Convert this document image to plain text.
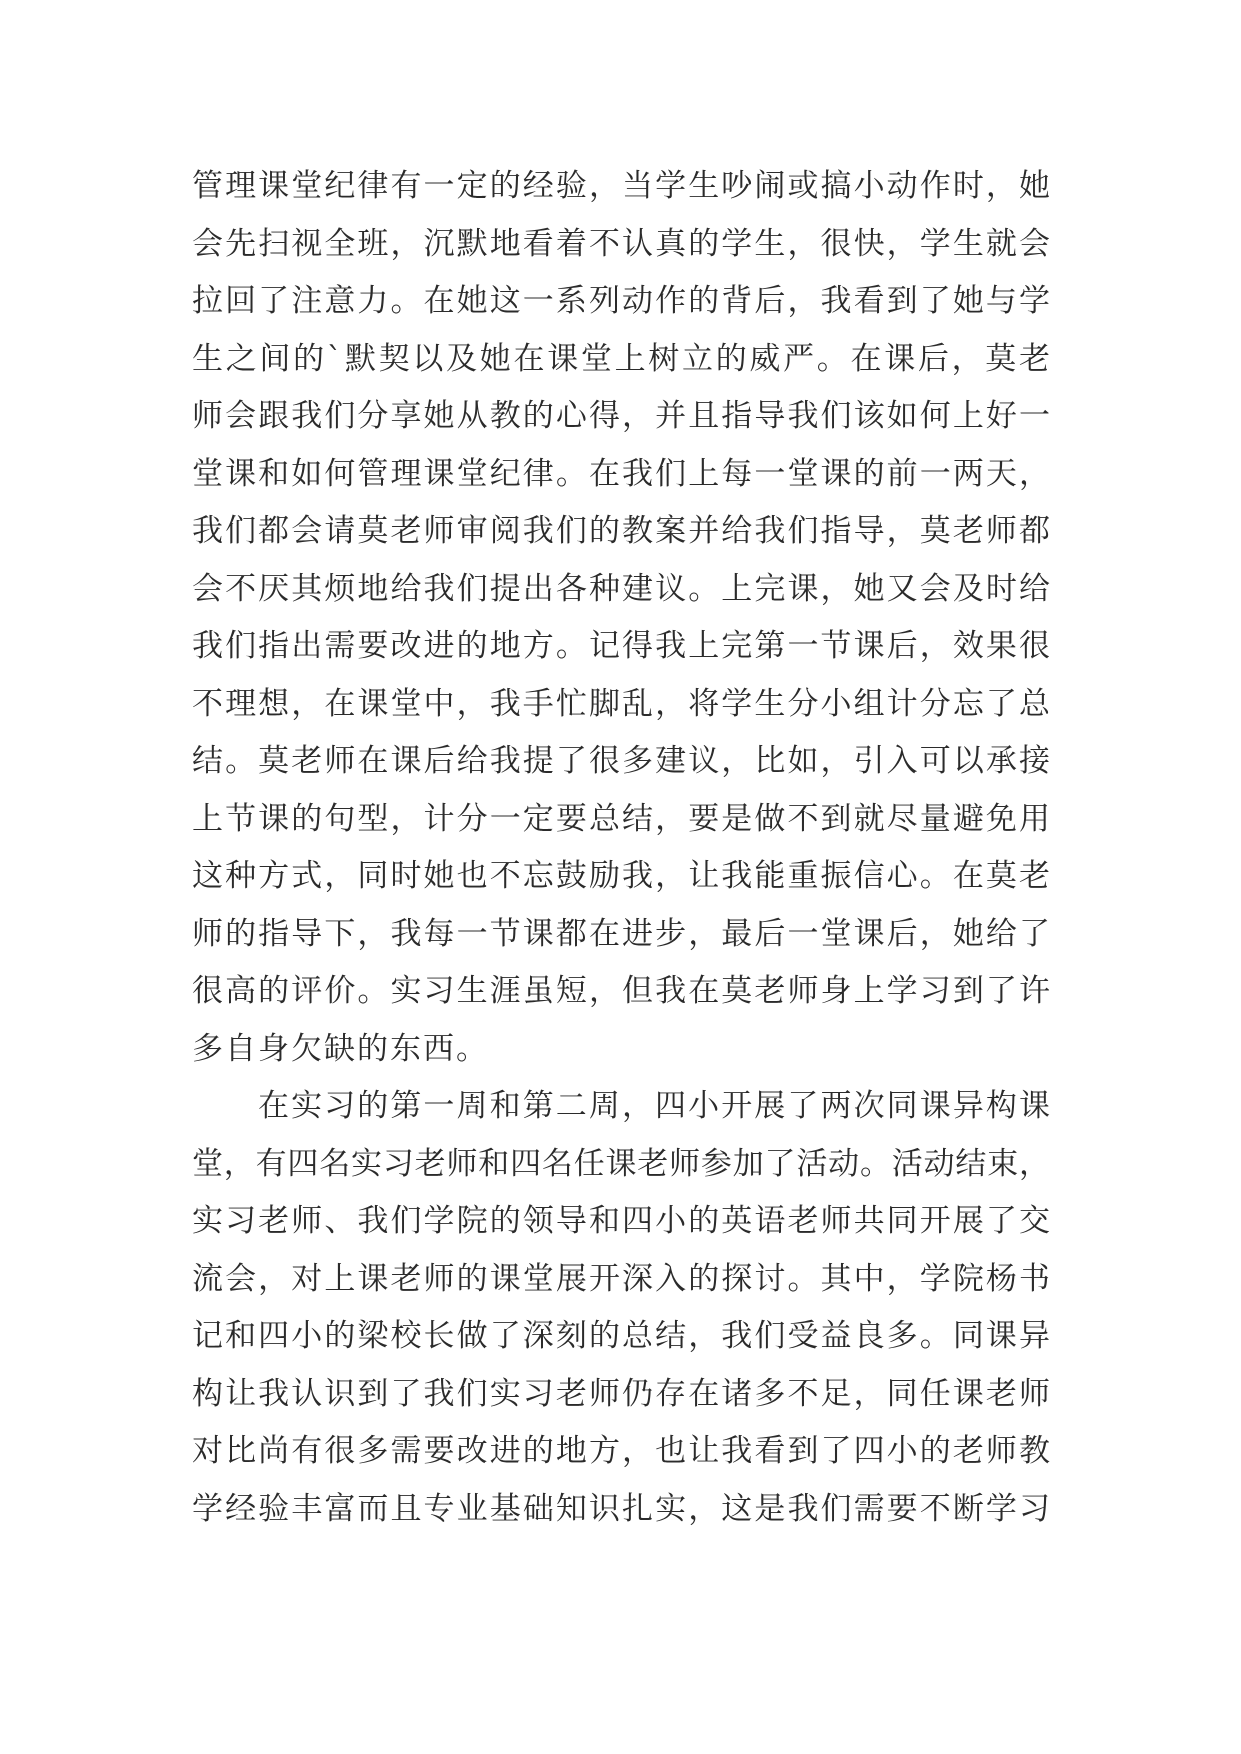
管理课堂纪律有一定的经验，当学生吵闹或搞小动作时，她
会先扫视全班，沉默地看着不认真的学生，很快，学生就会
拉回了注意力。在她这一系列动作的背后，我看到了她与学
生之间的`默契以及她在课堂上树立的威严。在课后，莫老
师会跟我们分享她从教的心得，并且指导我们该如何上好一
堂课和如何管理课堂纪律。在我们上每一堂课的前一两天，
我们都会请莫老师审阅我们的教案并给我们指导，莫老师都
会不厌其烦地给我们提出各种建议。上完课，她又会及时给
我们指出需要改进的地方。记得我上完第一节课后，效果很
不理想，在课堂中，我手忙脚乱，将学生分小组计分忘了总
结。莫老师在课后给我提了很多建议，比如，引入可以承接
上节课的句型，计分一定要总结，要是做不到就尽量避免用
这种方式，同时她也不忘鼓励我，让我能重振信心。在莫老
师的指导下，我每一节课都在进步，最后一堂课后，她给了
很高的评价。实习生涯虽短，但我在莫老师身上学习到了许
多自身欠缺的东西。
在实习的第一周和第二周，四小开展了两次同课异构课
堂，有四名实习老师和四名任课老师参加了活动。活动结束，
实习老师、我们学院的领导和四小的英语老师共同开展了交
流会，对上课老师的课堂展开深入的探讨。其中，学院杨书
记和四小的梁校长做了深刻的总结，我们受益良多。同课异
构让我认识到了我们实习老师仍存在诸多不足，同任课老师
对比尚有很多需要改进的地方，也让我看到了四小的老师教
学经验丰富而且专业基础知识扎实，这是我们需要不断学习
